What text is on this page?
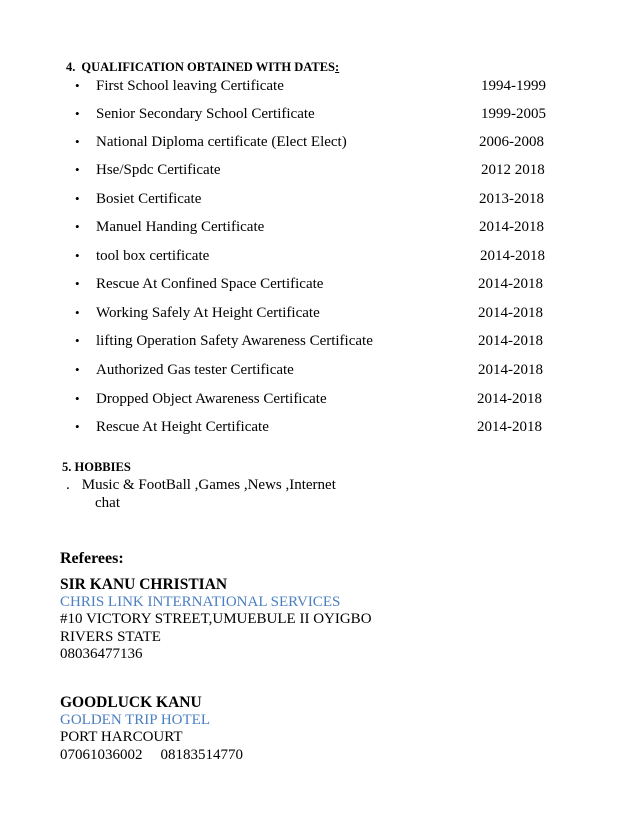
4. QUALIFICATION OBTAINED WITH DATES:
• First School leaving Certificate	1994-1999
• Senior Secondary School Certificate	1999-2005
• National Diploma certificate (Elect Elect)	2006-2008
• Hse/Spdc Certificate	2012 2018
• Bosiet Certificate	2013-2018
• Manuel Handing Certificate	2014-2018
• tool box certificate	2014-2018
• Rescue At Confined Space Certificate	2014-2018
• Working Safely At Height Certificate	2014-2018
• lifting Operation Safety Awareness Certificate	2014-2018
• Authorized Gas tester Certificate	2014-2018
• Dropped Object Awareness Certificate	2014-2018
• Rescue At Height Certificate	2014-2018
5. HOBBIES
. Music & FootBall ,Games ,News ,Internet
chat
Referees:
SIR KANU CHRISTIAN
CHRIS LINK INTERNATIONAL SERVICES
#10 VICTORY STREET,UMUEBULE II OYIGBO
RIVERS STATE
08036477136
GOODLUCK KANU
GOLDEN TRIP HOTEL
PORT HARCOURT
07061036002 08183514770
